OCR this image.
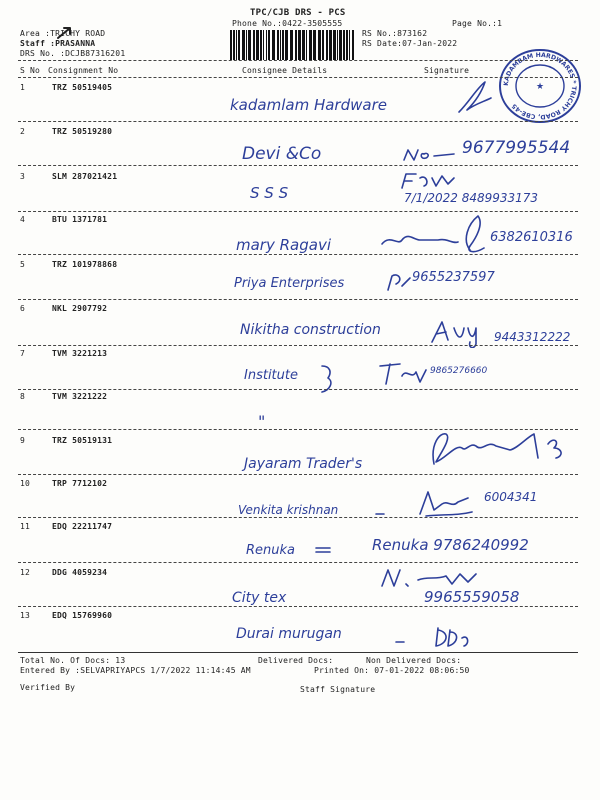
TPC/CJB DRS - PCS
Phone No.:0422-3505555	Page No.:1
Area :TRICHY ROAD
Staff :PRASANNA
DRS No. :DCJB87316201
RS No.:873162
RS Date:07-Jan-2022
KADAMBAM HARDWARES * TRICHY ROAD, CBE-45
★
S No Consignment No	Consignee Details	Signature
1	TRZ 50519405
kadamlam Hardware
2	TRZ 50519280
Devi &Co	9677995544
3	SLM 287021421
S S S	7/1/2022 8489933173
4	BTU 1371781
mary Ragavi	6382610316
5	TRZ 101978868
Priya Enterprises	9655237597
6	NKL 2907792
Nikitha construction	9443312222
7	TVM 3221213
Institute	9865276660
8	TVM 3221222
"
9	TRZ 50519131
Jayaram Trader's
10	TRP 7712102
Venkita krishnan
6004341
11	EDQ 22211747
Renuka	Renuka 9786240992
12	DDG 4059234
City tex	9965559058
13	EDQ 15769960
Durai murugan
Total No. Of Docs: 13	Delivered Docs:	Non Delivered Docs:
Entered By :SELVAPRIYAPCS 1/7/2022 11:14:45 AM	Printed On: 07-01-2022 08:06:50
Verified By	Staff Signature
